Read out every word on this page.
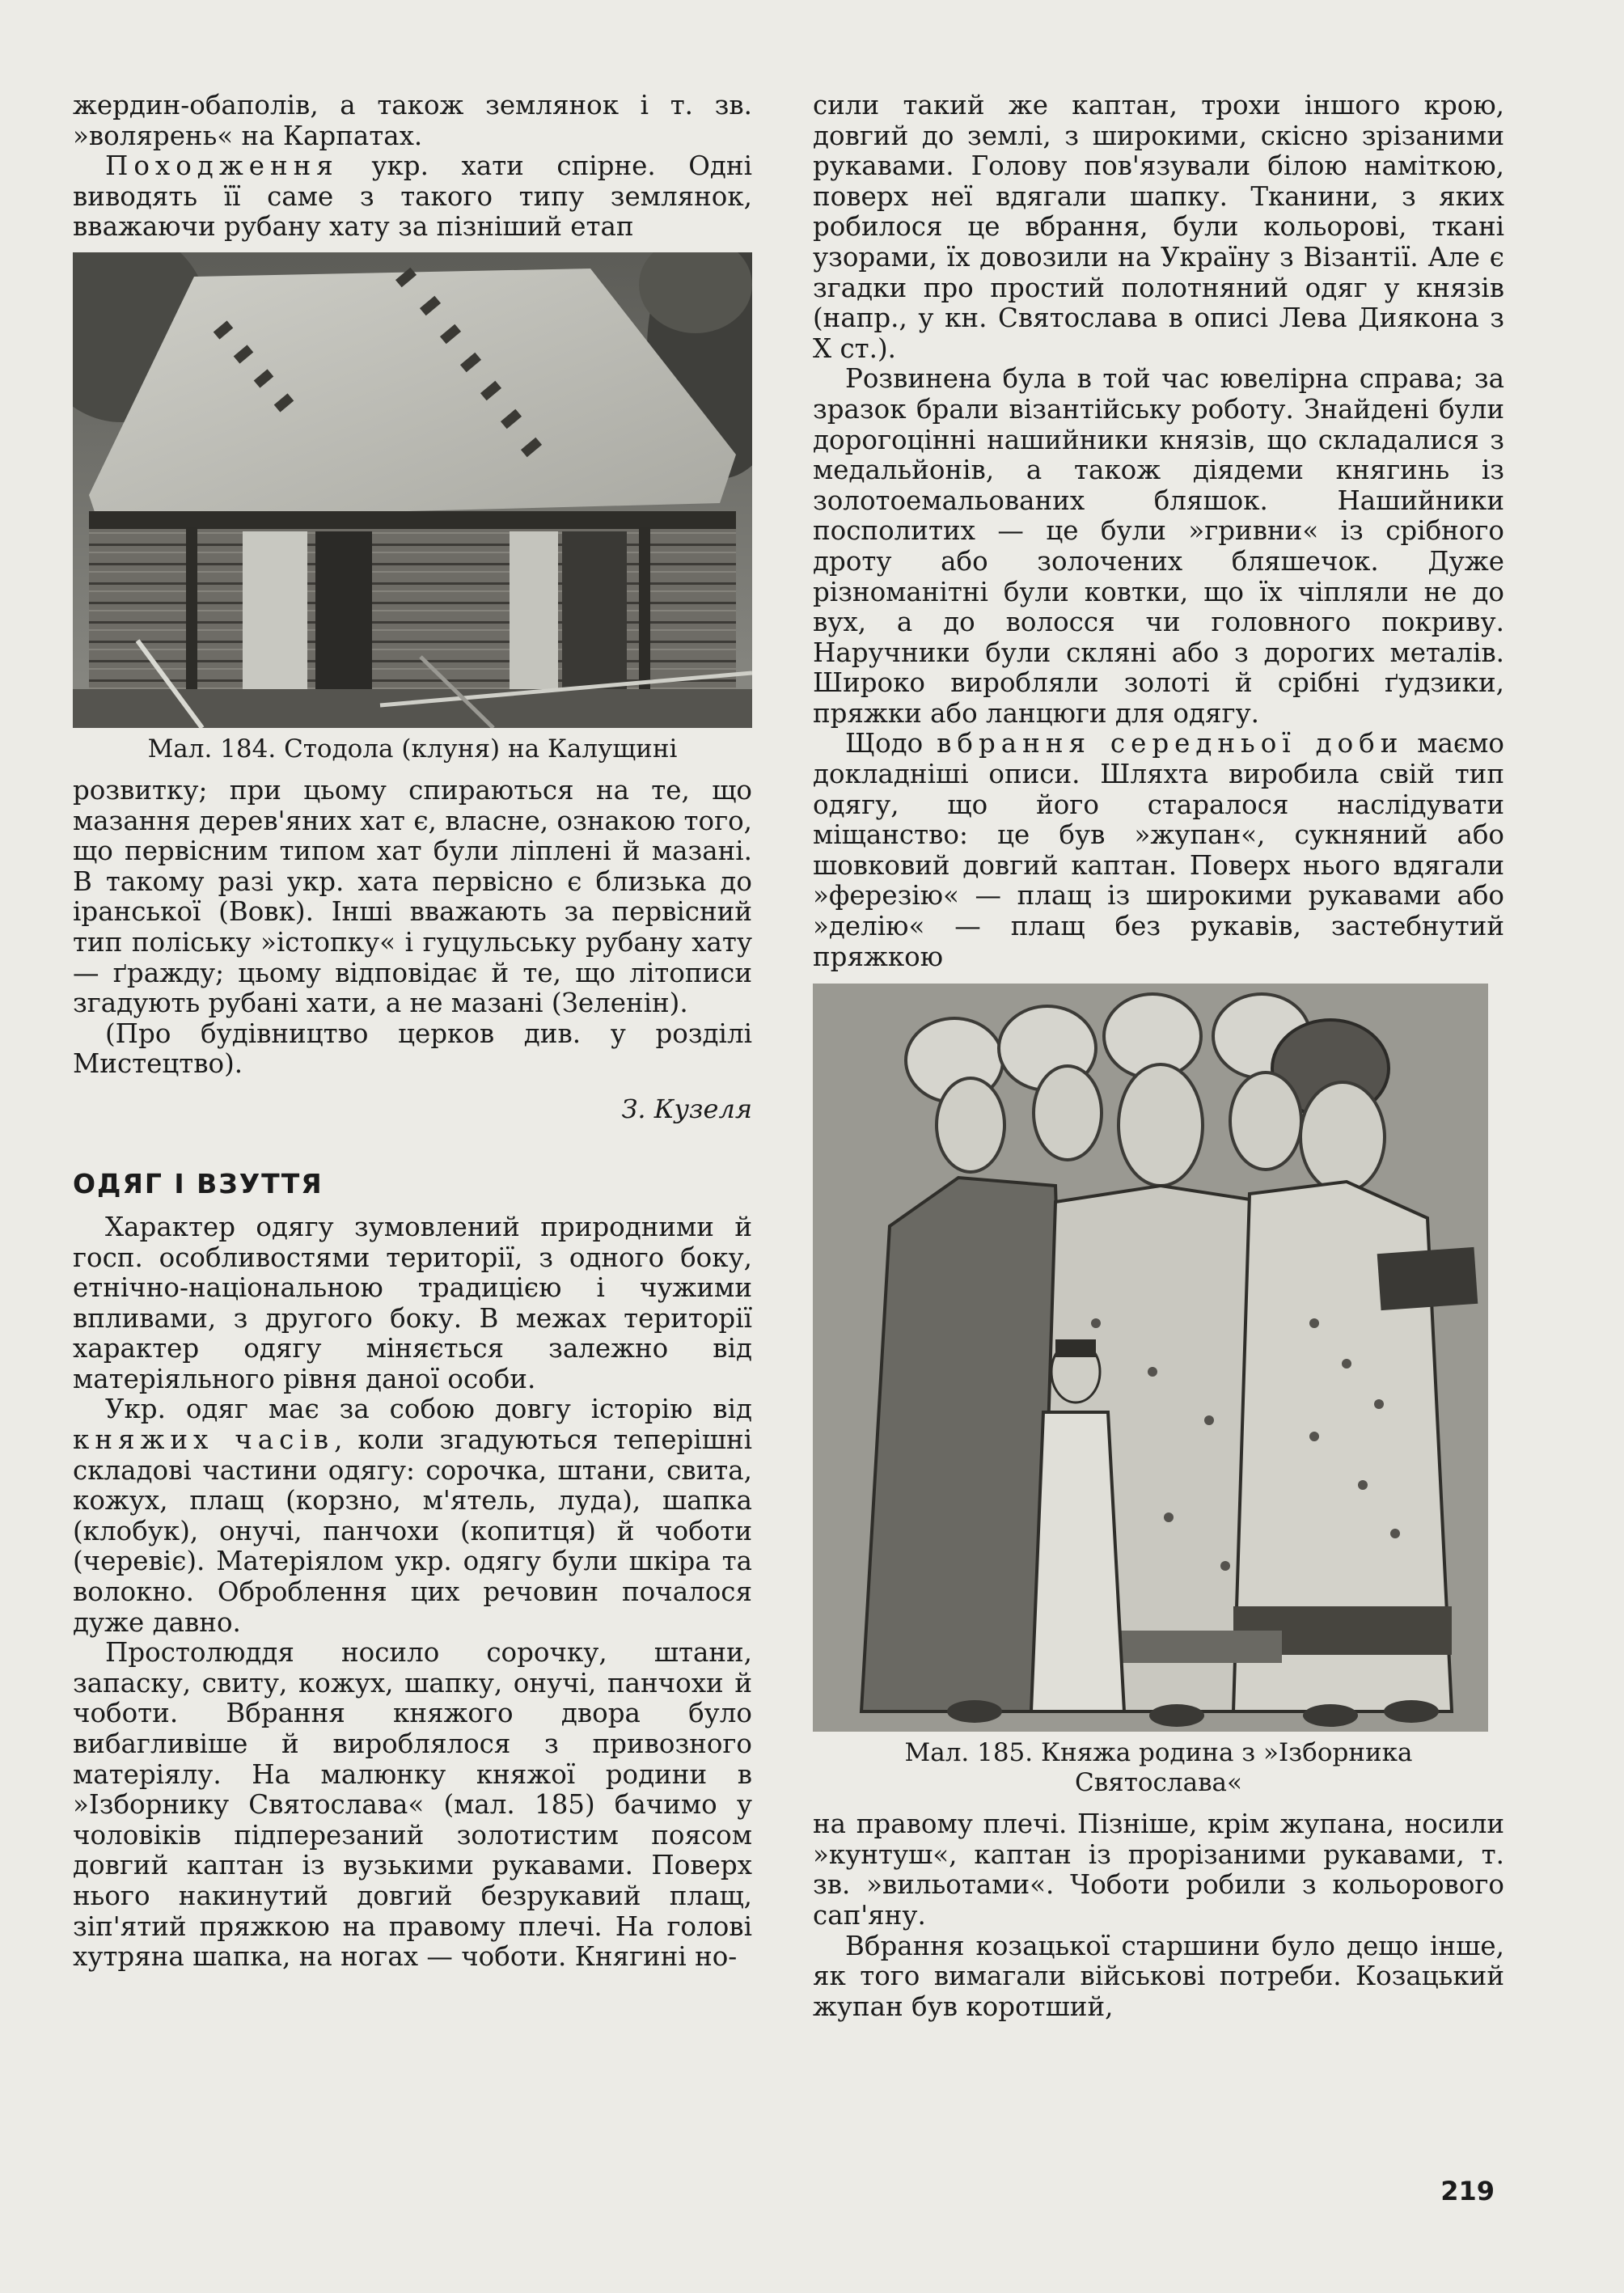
жердин-обаполів, а також землянок і т. зв. »волярень« на Карпатах.

Походження укр. хати спірне. Одні виводять її саме з такого типу землянок, вважаючи рубану хату за пізніший етап

Мал. 184. Стодола (клуня) на Калущині

розвитку; при цьому спираються на те, що мазання дерев'яних хат є, власне, ознакою того, що первісним типом хат були ліплені й мазані. В такому разі укр. хата первісно є близька до іранської (Вовк). Інші вважають за первісний тип поліську »істопку« і гуцульську рубану хату — ґражду; цьому відповідає й те, що літописи згадують рубані хати, а не мазані (Зеленін).

(Про будівництво церков див. у розділі Мистецтво).

З. Кузеля
ОДЯГ І ВЗУТТЯ

Характер одягу зумовлений природними й госп. особливостями території, з одного боку, етнічно-національною традицією і чужими впливами, з другого боку. В межах території характер одягу міняється залежно від матеріяльного рівня даної особи.

Укр. одяг має за собою довгу історію від княжих часів, коли згадуються теперішні складові частини одягу: сорочка, штани, свита, кожух, плащ (корзно, м'ятель, луда), шапка (клобук), онучі, панчохи (копитця) й чоботи (черевіє). Матеріялом укр. одягу були шкіра та волокно. Оброблення цих речовин почалося дуже давно.

Простолюддя носило сорочку, штани, запаску, свиту, кожух, шапку, онучі, панчохи й чоботи. Вбрання княжого двора було вибагливіше й вироблялося з привозного матеріялу. На малюнку княжої родини в »Ізборнику Святослава« (мал. 185) бачимо у чоловіків підперезаний золотистим поясом довгий каптан із вузькими рукавами. Поверх нього накинутий довгий безрукавий плащ, зіп'ятий пряжкою на правому плечі. На голові хутряна шапка, на ногах — чоботи. Княгині но-

сили такий же каптан, трохи іншого крою, довгий до землі, з широкими, скісно зрізаними рукавами. Голову пов'язували білою наміткою, поверх неї вдягали шапку. Тканини, з яких робилося це вбрання, були кольорові, ткані узорами, їх довозили на Україну з Візантії. Але є згадки про простий полотняний одяг у князів (напр., у кн. Святослава в описі Лева Диякона з X ст.).

Розвинена була в той час ювелірна справа; за зразок брали візантійську роботу. Знайдені були дорогоцінні нашийники князів, що складалися з медальйонів, а також діядеми княгинь із золотоемальованих бляшок. Нашийники посполитих — це були »гривни« із срібного дроту або золочених бляшечок. Дуже різноманітні були ковтки, що їх чіпляли не до вух, а до волосся чи головного покриву. Наручники були скляні або з дорогих металів. Широко виробляли золоті й срібні ґудзики, пряжки або ланцюги для одягу.

Щодо вбрання середньої доби маємо докладніші описи. Шляхта виробила свій тип одягу, що його старалося наслідувати міщанство: це був »жупан«, сукняний або шовковий довгий каптан. Поверх нього вдягали »ферезію« — плащ із широкими рукавами або »делію« — плащ без рукавів, застебнутий пряжкою

Мал. 185. Княжа родина з »Ізборника Святослава«

на правому плечі. Пізніше, крім жупана, носили »кунтуш«, каптан із прорізаними рукавами, т. зв. »вильотами«. Чоботи робили з кольорового сап'яну.

Вбрання козацької старшини було дещо інше, як того вимагали військові потреби. Козацький жупан був коротший,

219
